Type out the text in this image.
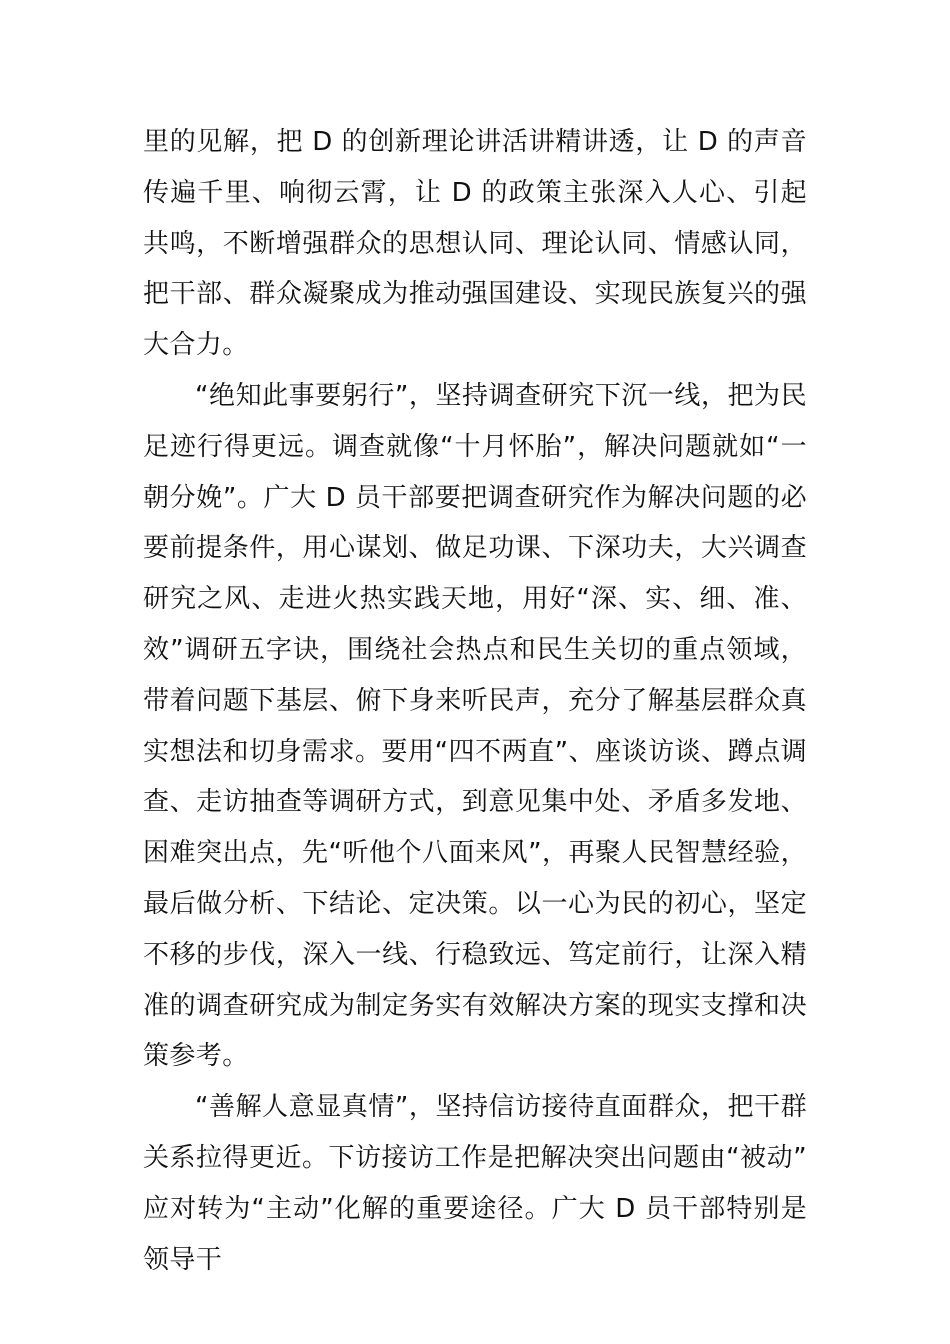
里的见解，把 D 的创新理论讲活讲精讲透，让 D 的声音传遍千里、响彻云霄，让 D 的政策主张深入人心、引起共鸣，不断增强群众的思想认同、理论认同、情感认同，把干部、群众凝聚成为推动强国建设、实现民族复兴的强大合力。

“绝知此事要躬行”，坚持调查研究下沉一线，把为民足迹行得更远。调查就像“十月怀胎”，解决问题就如“一朝分娩”。广大 D 员干部要把调查研究作为解决问题的必要前提条件，用心谋划、做足功课、下深功夫，大兴调查研究之风、走进火热实践天地，用好“深、实、细、准、效”调研五字诀，围绕社会热点和民生关切的重点领域，带着问题下基层、俯下身来听民声，充分了解基层群众真实想法和切身需求。要用“四不两直”、座谈访谈、蹲点调查、走访抽查等调研方式，到意见集中处、矛盾多发地、困难突出点，先“听他个八面来风”，再聚人民智慧经验，最后做分析、下结论、定决策。以一心为民的初心，坚定不移的步伐，深入一线、行稳致远、笃定前行，让深入精准的调查研究成为制定务实有效解决方案的现实支撑和决策参考。

“善解人意显真情”，坚持信访接待直面群众，把干群关系拉得更近。下访接访工作是把解决突出问题由“被动”应对转为“主动”化解的重要途径。广大 D 员干部特别是领导干
